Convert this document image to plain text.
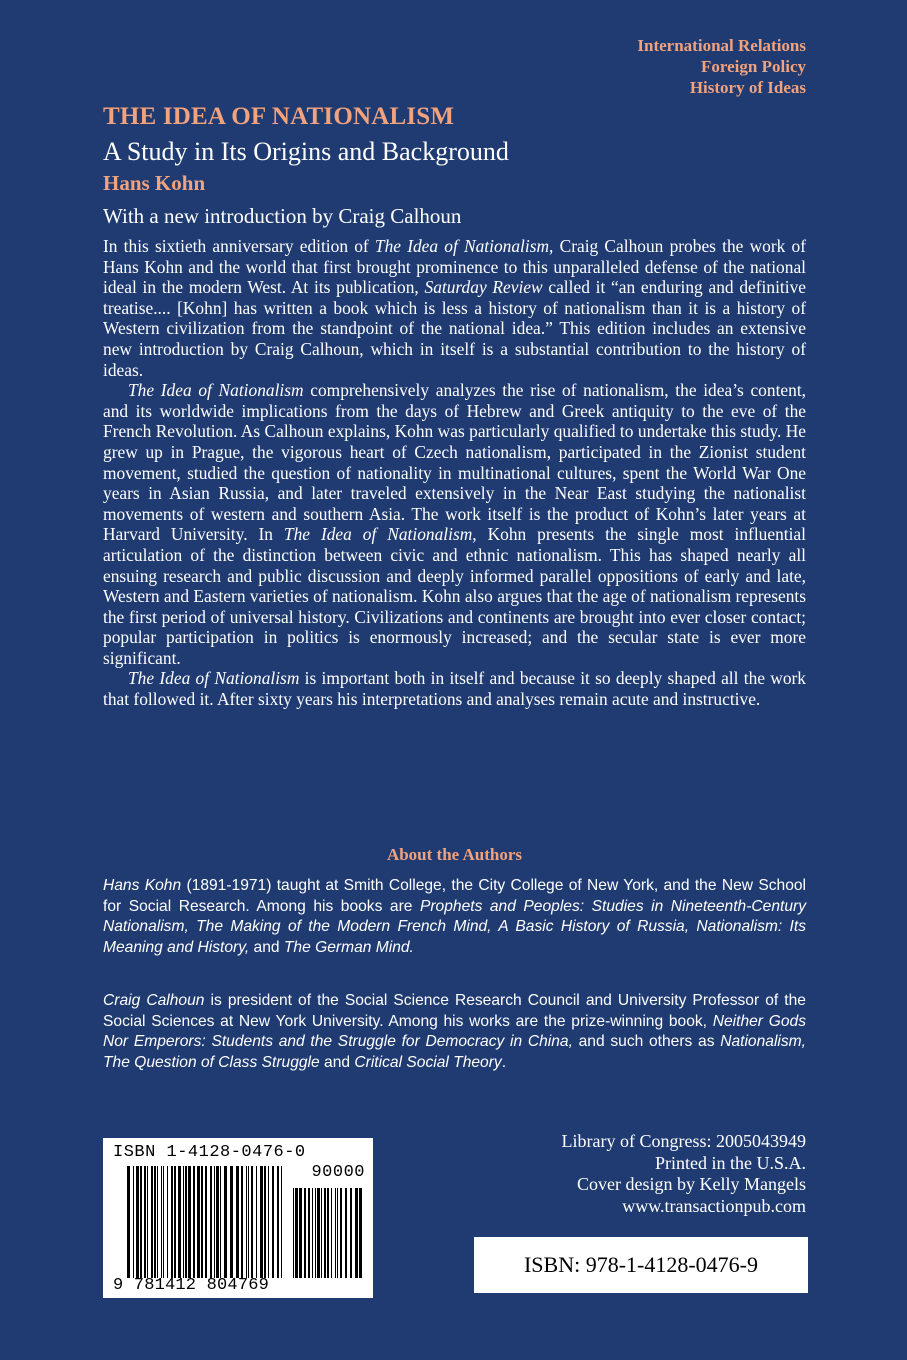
International Relations
Foreign Policy
History of Ideas
THE IDEA OF NATIONALISM
A Study in Its Origins and Background
Hans Kohn
With a new introduction by Craig Calhoun

In this sixtieth anniversary edition of The Idea of Nationalism, Craig Calhoun probes the work of Hans Kohn and the world that first brought prominence to this unparalleled defense of the national ideal in the modern West. At its publication, Saturday Review called it “an enduring and definitive treatise.... [Kohn] has written a book which is less a history of nationalism than it is a history of Western civilization from the standpoint of the national idea.” This edition includes an extensive new introduction by Craig Calhoun, which in itself is a substantial contribution to the history of ideas.

The Idea of Nationalism comprehensively analyzes the rise of nationalism, the idea’s content, and its worldwide implications from the days of Hebrew and Greek antiquity to the eve of the French Revolution. As Calhoun explains, Kohn was particularly qualified to undertake this study. He grew up in Prague, the vigorous heart of Czech nationalism, participated in the Zionist student movement, studied the question of nationality in multinational cultures, spent the World War One years in Asian Russia, and later traveled extensively in the Near East studying the nationalist movements of western and southern Asia. The work itself is the product of Kohn’s later years at Harvard University. In The Idea of Nationalism, Kohn presents the single most influential articulation of the distinction between civic and ethnic nationalism. This has shaped nearly all ensuing research and public discussion and deeply informed parallel oppositions of early and late, Western and Eastern varieties of nationalism. Kohn also argues that the age of nationalism represents the first period of universal history. Civilizations and continents are brought into ever closer contact; popular participation in politics is enormously increased; and the secular state is ever more significant.

The Idea of Nationalism is important both in itself and because it so deeply shaped all the work that followed it. After sixty years his interpretations and analyses remain acute and instructive.

About the Authors

Hans Kohn (1891-1971) taught at Smith College, the City College of New York, and the New School for Social Research. Among his books are Prophets and Peoples: Studies in Nineteenth-Century Nationalism, The Making of the Modern French Mind, A Basic History of Russia, Nationalism: Its Meaning and History, and The German Mind.

Craig Calhoun is president of the Social Science Research Council and University Professor of the Social Sciences at New York University. Among his works are the prize-winning book, Neither Gods Nor Emperors: Students and the Struggle for Democracy in China, and such others as Nationalism, The Question of Class Struggle and Critical Social Theory.

ISBN 1-4128-0476-0
90000
9 781412 804769
Library of Congress: 2005043949
Printed in the U.S.A.
Cover design by Kelly Mangels
www.transactionpub.com
ISBN: 978-1-4128-0476-9
